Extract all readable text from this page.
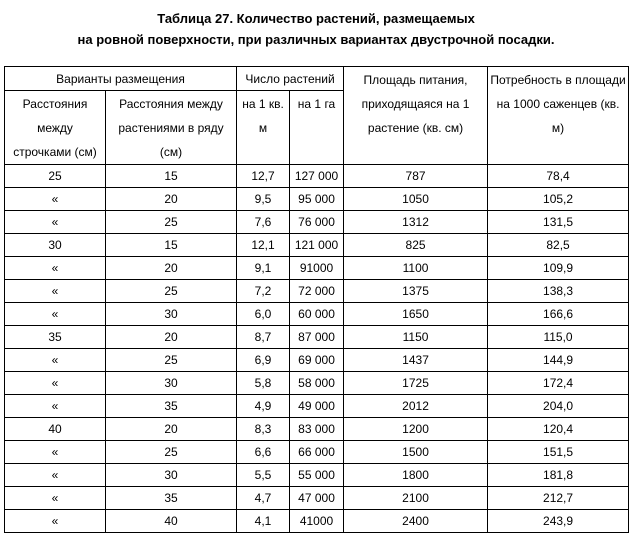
Таблица 27. Количество растений, размещаемых
на ровной поверхности, при различных вариантах двустрочной посадки.
Варианты размещения		Число растений		Площадь питания, приходящаяся на 1 растение (кв. см)	Потребность в площади на 1000 саженцев (кв. м)
Расстояния между строчками (см)	Расстояния между растениями в ряду (см)	на 1 кв. м	на 1 га		
25	15	12,7	127 000	787	78,4
«	20	9,5	95 000	1050	105,2
«	25	7,6	76 000	1312	131,5
30	15	12,1	121 000	825	82,5
«	20	9,1	91000	1100	109,9
«	25	7,2	72 000	1375	138,3
«	30	6,0	60 000	1650	166,6
35	20	8,7	87 000	1150	115,0
«	25	6,9	69 000	1437	144,9
«	30	5,8	58 000	1725	172,4
«	35	4,9	49 000	2012	204,0
40	20	8,3	83 000	1200	120,4
«	25	6,6	66 000	1500	151,5
«	30	5,5	55 000	1800	181,8
«	35	4,7	47 000	2100	212,7
«	40	4,1	41000	2400	243,9
